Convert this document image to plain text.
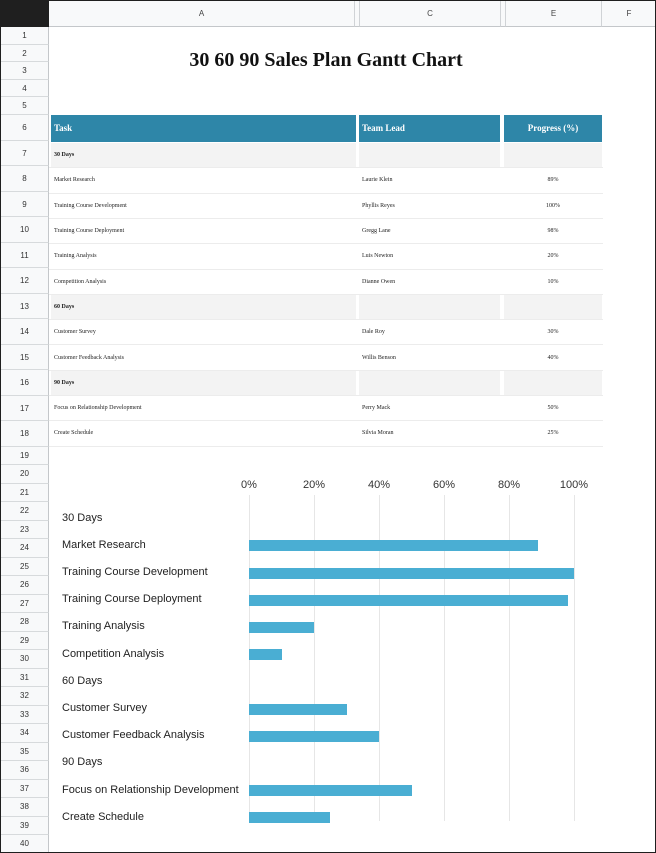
A	C	E	F
1
2
3
4
5
6
7
8
9
10
11
12
13
14
15
16
17
18
19
20
21
22
23
24
25
26
27
28
29
30
31
32
33
34
35
36
37
38
39
40
30 60 90 Sales Plan Gantt Chart
Task	Team Lead	Progress (%)
30 Days
Market Research	Laurie Klein	89%
Training Course Development	Phyllis Reyes	100%
Training Course Deployment	Gregg Lane	98%
Training Analysis	Luis Newton	20%
Competition Analysis	Dianne Owen	10%
60 Days
Customer Survey	Dale Roy	30%
Customer Feedback Analysis	Willis Benson	40%
90 Days
Focus on Relationship Development	Perry Mack	50%
Create Schedule	Silvia Moran	25%
0%	20%	40%	60%	80%	100%
30 Days
Market Research
Training Course Development
Training Course Deployment
Training Analysis
Competition Analysis
60 Days
Customer Survey
Customer Feedback Analysis
90 Days
Focus on Relationship Development
Create Schedule
